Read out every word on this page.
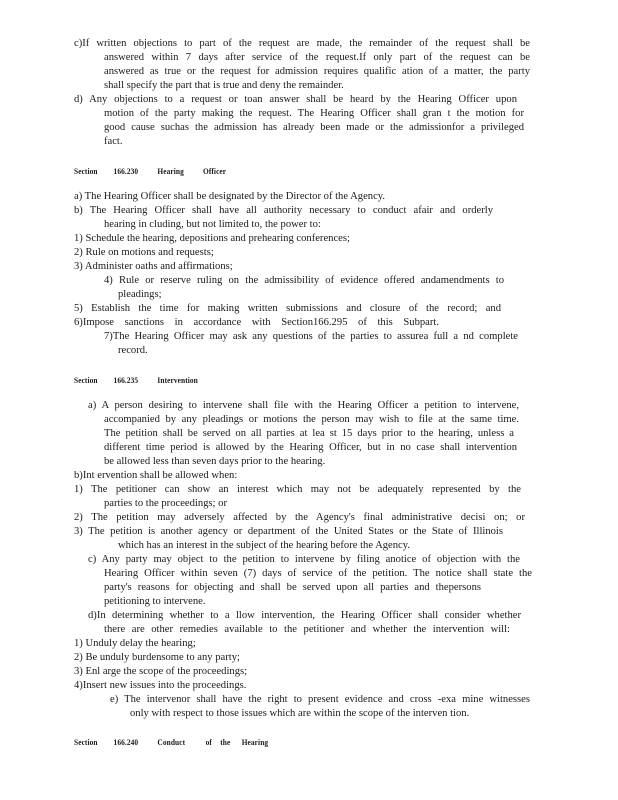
c)If written objections to part of the request are made, the remainder of the request shall be
answered within 7 days after service of the request.If only part of the request can be
answered as true or the request for admission requires qualific ation of a matter, the party
shall specify the part that is true and deny the remainder.
d) Any objections to a request or toan answer shall be heard by the Hearing Officer upon
motion of the party making the request. The Hearing Officer shall gran t the motion for
good cause suchas the admission has already been made or the admissionfor a privileged
fact.
Section 166.230 Hearing Officer
a) The Hearing Officer shall be designated by the Director of the Agency.
b) The Hearing Officer shall have all authority necessary to conduct afair and orderly
hearing in cluding, but not limited to, the power to:
1) Schedule the hearing, depositions and prehearing conferences;
2) Rule on motions and requests;
3) Administer oaths and affirmations;
4) Rule or reserve ruling on the admissibility of evidence offered andamendments to
pleadings;
5) Establish the time for making written submissions and closure of the record; and
6)Impose sanctions in accordance with Section166.295 of this Subpart.
7)The Hearing Officer may ask any questions of the parties to assurea full a nd complete
record.
Section 166.235 Intervention
a) A person desiring to intervene shall file with the Hearing Officer a petition to intervene,
accompanied by any pleadings or motions the person may wish to file at the same time.
The petition shall be served on all parties at lea st 15 days prior to the hearing, unless a
different time period is allowed by the Hearing Officer, but in no case shall intervention
be allowed less than seven days prior to the hearing.
b)Int ervention shall be allowed when:
1) The petitioner can show an interest which may not be adequately represented by the
parties to the proceedings; or
2) The petition may adversely affected by the Agency's final administrative decisi on; or
3) The petition is another agency or department of the United States or the State of Illinois
which has an interest in the subject of the hearing before the Agency.
c) Any party may object to the petition to intervene by filing anotice of objection with the
Hearing Officer within seven (7) days of service of the petition. The notice shall state the
party's reasons for objecting and shall be served upon all parties and thepersons
petitioning to intervene.
d)In determining whether to a llow intervention, the Hearing Officer shall consider whether
there are other remedies available to the petitioner and whether the intervention will:
1) Unduly delay the hearing;
2) Be unduly burdensome to any party;
3) Enl arge the scope of the proceedings;
4)Insert new issues into the proceedings.
e) The intervenor shall have the right to present evidence and cross -exa mine witnesses
only with respect to those issues which are within the scope of the interven tion.
Section 166.240 Conduct of the Hearing
